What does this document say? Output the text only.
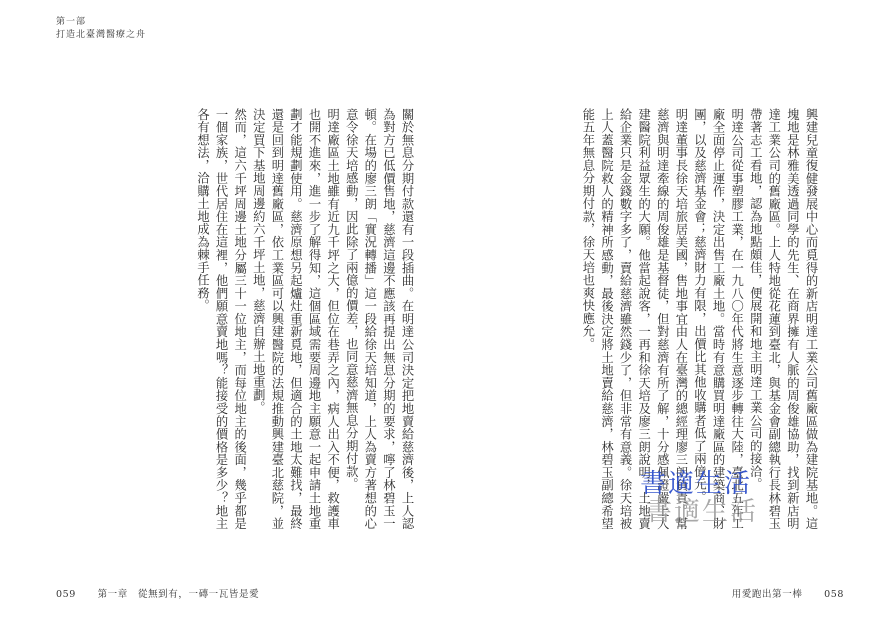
第一部
打造北臺灣醫療之舟

關於無息分期付款還有一段插曲。在明達公司決定把地賣給慈濟後，上人認為對方已低價售地，慈濟這邊不應該再提出無息分期的要求，嚀了林碧玉一頓。在場的廖三朗「實況轉播」這一段給徐天培知道，上人為賣方著想的心意令徐天培感動，因此除了兩億的價差，也同意慈濟無息分期付款。

明達廠區土地雖有近九千坪之大，但位在巷弄之內，病人出入不便，救護車也開不進來，進一步了解得知，這個區域需要周邊地主願意一起申請土地重劃才能規劃使用。慈濟原想另起爐灶重新覓地，但適合的土地太難找，最終還是回到明達舊廠區，依工業區可以興建醫院的法規推動興建臺北慈院，並決定買下基地周邊約六千坪土地，慈濟自辦土地重劃。

然而，這六千坪周邊土地分屬三十一位地主，而每位地主的後面，幾乎都是一個家族，世代居住在這裡，他們願意賣地嗎？能接受的價格是多少？地主各有想法，洽購土地成為棘手任務。	興建兒童復健發展中心而覓得的新店明達工業公司舊廠區做為建院基地。這塊地是林雅美透過同學的先生、在商界擁有人脈的周俊雄協助，找到新店明達工業公司的舊廠區。上人特地從花蓮到臺北，與基金會副總執行長林碧玉帶著志工看地，認為地點頗佳，便展開和地主明達工業公司的接洽。

明達公司從事塑膠工業，在一九八〇年代將生意逐步轉往大陸，臺北五年工廠全面停止運作，決定出售工廠土地。當時有意購買明達廠區的建築商、財團，以及慈濟基金會；慈濟財力有限，出價比其他收購者低了兩億元。

明達董事長徐天培旅居美國，售地事宜由人在臺灣的總經理廖三朗負責。幫慈濟與明達牽線的周俊雄是基督徒，但對慈濟有所了解，十分感佩證嚴上人建醫院利益眾生的大願。他當起說客，一再和徐天培及廖三朗說明，土地賣給企業只是金錢數字多了，賣給慈濟雖然錢少了，但非常有意義。徐天培被上人蓋醫院救人的精神所感動，最後決定將土地賣給慈濟，林碧玉副總希望能五年無息分期付款，徐天培也爽快應允。

059 第一章　從無到有，一磚一瓦皆是愛	用愛跑出第一棒 058
書適生活
書適生活
